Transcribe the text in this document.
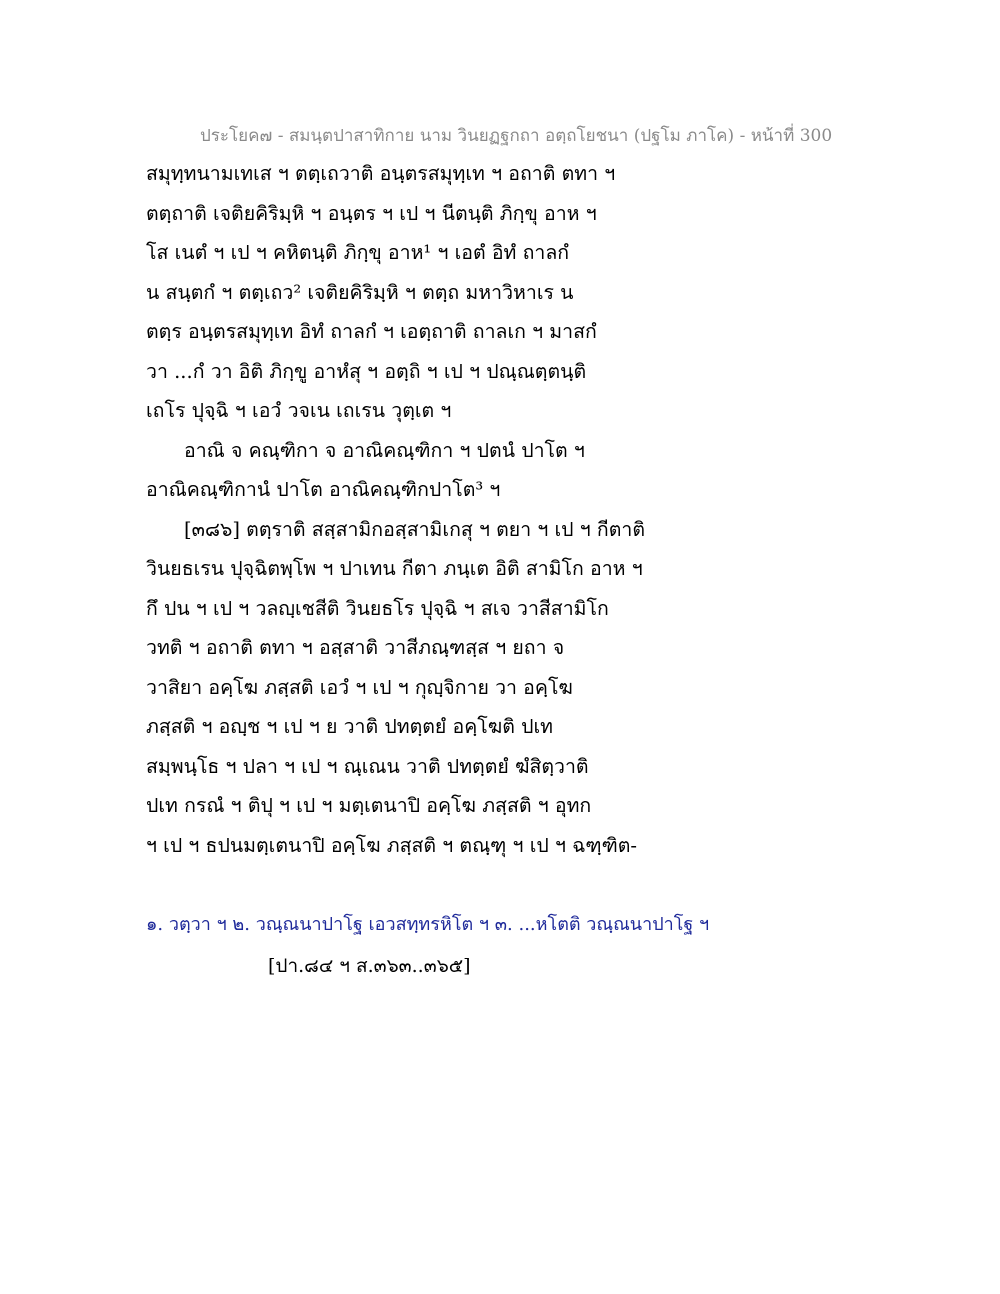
ประโยค๗ - สมนฺตปาสาทิกาย นาม วินยฏฐกถา อตฺถโยชนา (ปฐโม ภาโค) - หน้าที่ 300
สมุทฺทนามเทเส ฯ ตตฺเถวาติ อนฺตรสมุทฺเท ฯ อถาติ ตทา ฯ
ตตฺถาติ เจติยคิริมฺหิ ฯ อนฺตร ฯ เป ฯ นีตนฺติ ภิกฺขุ อาห ฯ
โส เนตํ ฯ เป ฯ คหิตนฺติ ภิกฺขุ อาห¹ ฯ เอตํ อิทํ ถาลกํ
น สนฺตกํ ฯ ตตฺเถว² เจติยคิริมฺหิ ฯ ตตฺถ มหาวิหาเร น
ตตฺร อนฺตรสมุทฺเท อิทํ ถาลกํ ฯ เอตฺถาติ ถาลเก ฯ มาสกํ
วา ...กํ วา อิติ ภิกฺขู อาหํสุ ฯ อตฺถิ ฯ เป ฯ ปณฺณตฺตนฺติ
เถโร ปุจฺฉิ ฯ เอวํ วจเน เถเรน วุตฺเต ฯ
อาณิ จ คณฺฑิกา จ อาณิคณฺฑิกา ฯ ปตนํ ปาโต ฯ
อาณิคณฺฑิกานํ ปาโต อาณิคณฺฑิกปาโต³ ฯ
[๓๘๖] ตตฺราติ สสฺสามิกอสฺสามิเกสุ ฯ ตยา ฯ เป ฯ กีตาติ
วินยธเรน ปุจฺฉิตพฺโพ ฯ ปาเทน กีตา ภนฺเต อิติ สามิโก อาห ฯ
กึ ปน ฯ เป ฯ วลญฺเชสีติ วินยธโร ปุจฺฉิ ฯ สเจ วาสีสามิโก
วทติ ฯ อถาติ ตทา ฯ อสฺสาติ วาสีภณฺฑสฺส ฯ ยถา จ
วาสิยา อคฺโฆ ภสฺสติ เอวํ ฯ เป ฯ กุญฺจิกาย วา อคฺโฆ
ภสฺสติ ฯ อญฺช ฯ เป ฯ ย วาติ ปทตฺตยํ อคฺโฆติ ปเท
สมฺพนฺโธ ฯ ปลา ฯ เป ฯ ณฺเณน วาติ ปทตฺตยํ ฆํสิตฺวาติ
ปเท กรณํ ฯ ติปุ ฯ เป ฯ มตฺเตนาปิ อคฺโฆ ภสฺสติ ฯ อุทก
ฯ เป ฯ ธปนมตฺเตนาปิ อคฺโฆ ภสฺสติ ฯ ตณฺฑุ ฯ เป ฯ ฉฑฺฑิต-
๑. วตฺวา ฯ ๒. วณฺณนาปาโฐ เอวสทฺทรหิโต ฯ ๓. ...หโตติ วณฺณนาปาโฐ ฯ
[ปา.๘๔ ฯ ส.๓๖๓..๓๖๕]
